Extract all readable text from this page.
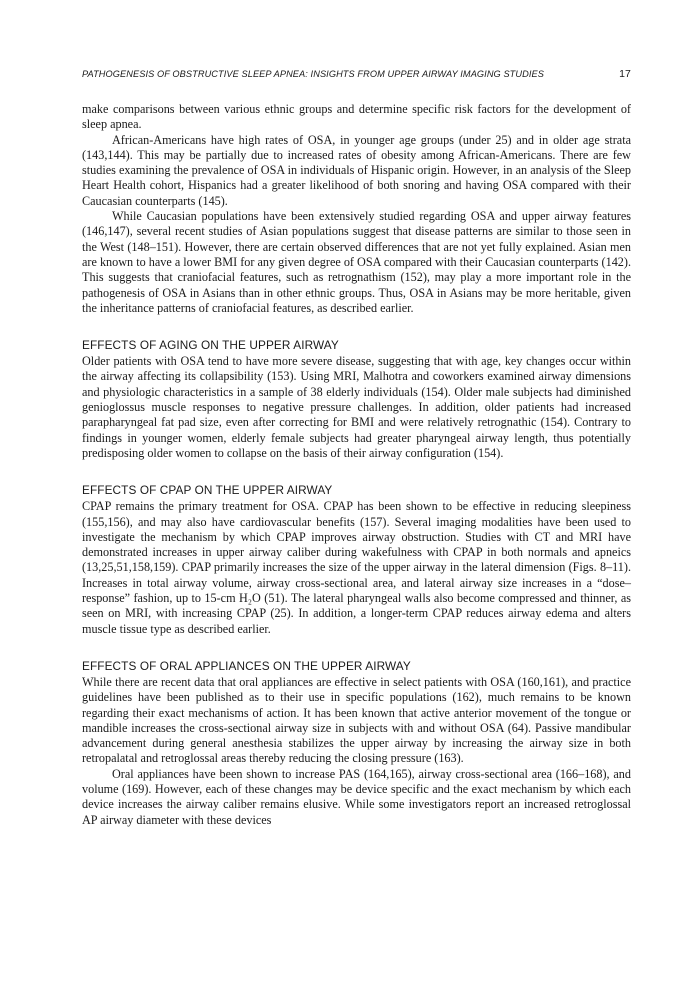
PATHOGENESIS OF OBSTRUCTIVE SLEEP APNEA: INSIGHTS FROM UPPER AIRWAY IMAGING STUDIES	17

make comparisons between various ethnic groups and determine specific risk factors for the development of sleep apnea.

African-Americans have high rates of OSA, in younger age groups (under 25) and in older age strata (143,144). This may be partially due to increased rates of obesity among African-Americans. There are few studies examining the prevalence of OSA in individuals of Hispanic origin. However, in an analysis of the Sleep Heart Health cohort, Hispanics had a greater likelihood of both snoring and having OSA compared with their Caucasian counterparts (145).

While Caucasian populations have been extensively studied regarding OSA and upper airway features (146,147), several recent studies of Asian populations suggest that disease patterns are similar to those seen in the West (148–151). However, there are certain observed differences that are not yet fully explained. Asian men are known to have a lower BMI for any given degree of OSA compared with their Caucasian counterparts (142). This suggests that craniofacial features, such as retrognathism (152), may play a more important role in the pathogenesis of OSA in Asians than in other ethnic groups. Thus, OSA in Asians may be more heritable, given the inheritance patterns of craniofacial features, as described earlier.

EFFECTS OF AGING ON THE UPPER AIRWAY

Older patients with OSA tend to have more severe disease, suggesting that with age, key changes occur within the airway affecting its collapsibility (153). Using MRI, Malhotra and coworkers examined airway dimensions and physiologic characteristics in a sample of 38 elderly individuals (154). Older male subjects had diminished genioglossus muscle responses to negative pressure challenges. In addition, older patients had increased parapharyngeal fat pad size, even after correcting for BMI and were relatively retrognathic (154). Contrary to findings in younger women, elderly female subjects had greater pharyngeal airway length, thus potentially predisposing older women to collapse on the basis of their airway configuration (154).

EFFECTS OF CPAP ON THE UPPER AIRWAY

CPAP remains the primary treatment for OSA. CPAP has been shown to be effective in reducing sleepiness (155,156), and may also have cardiovascular benefits (157). Several imaging modalities have been used to investigate the mechanism by which CPAP improves airway obstruction. Studies with CT and MRI have demonstrated increases in upper airway caliber during wakefulness with CPAP in both normals and apneics (13,25,51,158,159). CPAP primarily increases the size of the upper airway in the lateral dimension (Figs. 8–11). Increases in total airway volume, airway cross-sectional area, and lateral airway size increases in a “dose–response” fashion, up to 15-cm H₂O (51). The lateral pharyngeal walls also become compressed and thinner, as seen on MRI, with increasing CPAP (25). In addition, a longer-term CPAP reduces airway edema and alters muscle tissue type as described earlier.

EFFECTS OF ORAL APPLIANCES ON THE UPPER AIRWAY

While there are recent data that oral appliances are effective in select patients with OSA (160,161), and practice guidelines have been published as to their use in specific populations (162), much remains to be known regarding their exact mechanisms of action. It has been known that active anterior movement of the tongue or mandible increases the cross-sectional airway size in subjects with and without OSA (64). Passive mandibular advancement during general anesthesia stabilizes the upper airway by increasing the airway size in both retropalatal and retroglossal areas thereby reducing the closing pressure (163).

Oral appliances have been shown to increase PAS (164,165), airway cross-sectional area (166–168), and volume (169). However, each of these changes may be device specific and the exact mechanism by which each device increases the airway caliber remains elusive. While some investigators report an increased retroglossal AP airway diameter with these devices
